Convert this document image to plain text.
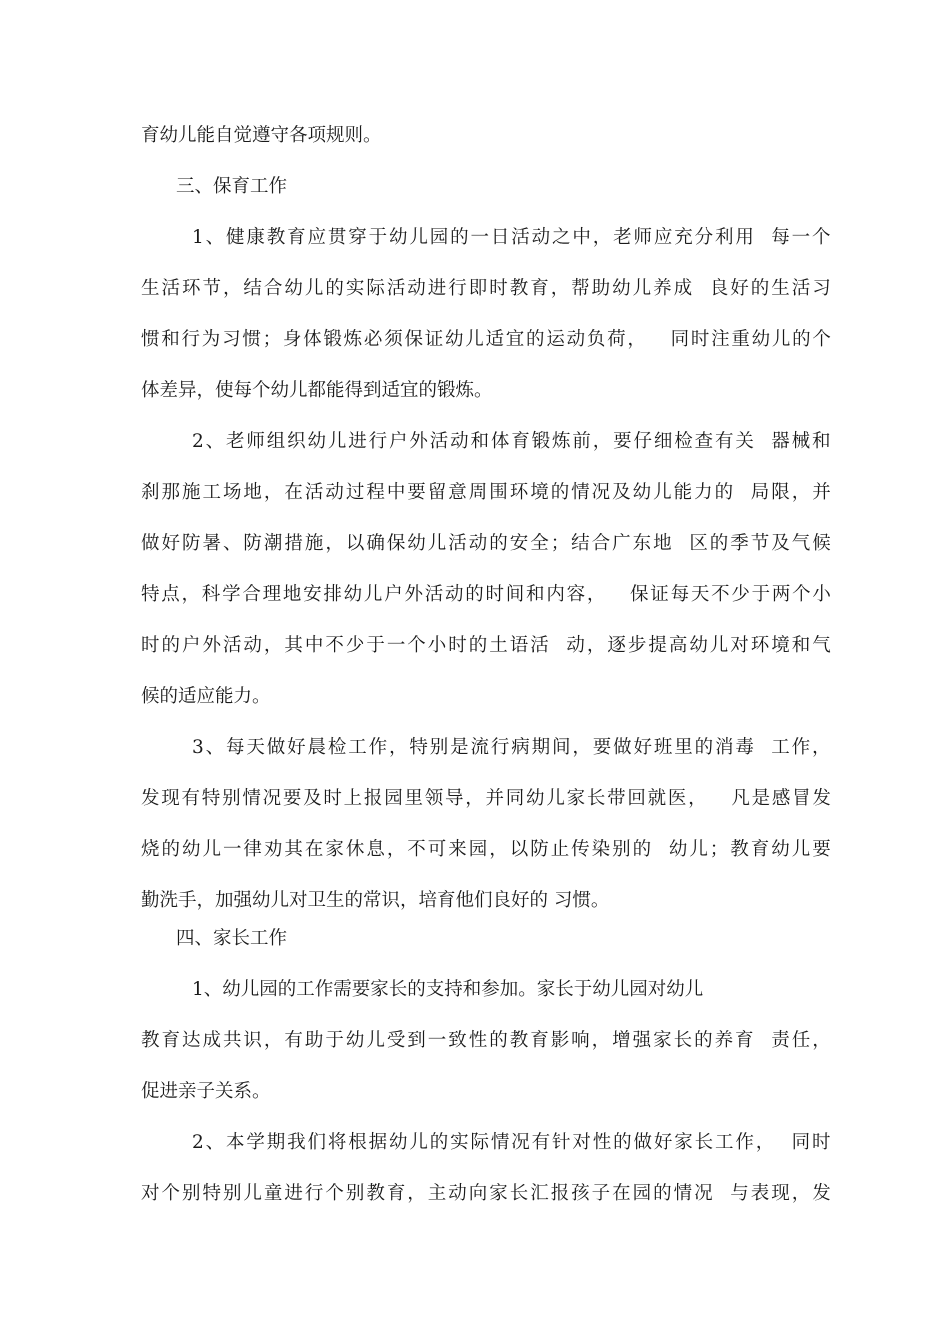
育幼儿能自觉遵守各项规则。
三、保育工作
1 、 健 康 教 育 应 贯 穿 于 幼 儿 园 的 一 日 活 动 之 中 ， 老 师 应 充 分 利 用

每 一 个
生 活 环 节 ， 结 合 幼 儿 的 实 际 活 动 进 行 即 时 教 育 ， 帮 助 幼 儿 养 成

良 好 的 生 活 习
惯 和 行 为 习 惯 ； 身 体 锻 炼 必 须 保 证 幼 儿 适 宜 的 运 动 负 荷 ，

同 时 注 重 幼 儿 的 个
体差异，使每个幼儿都能得到适宜的锻炼。
2 、 老 师 组 织 幼 儿 进 行 户 外 活 动 和 体 育 锻 炼 前 ， 要 仔 细 检 查 有 关

器 械 和
刹 那 施 工 场 地 ， 在 活 动 过 程 中 要 留 意 周 围 环 境 的 情 况 及 幼 儿 能 力 的

局 限 ， 并
做 好 防 暑 、 防 潮 措 施 ， 以 确 保 幼 儿 活 动 的 安 全 ； 结 合 广 东 地

区 的 季 节 及 气 候
特 点 ， 科 学 合 理 地 安 排 幼 儿 户 外 活 动 的 时 间 和 内 容 ，

保 证 每 天 不 少 于 两 个 小
时 的 户 外 活 动 ， 其 中 不 少 于 一 个 小 时 的 土 语 活

动 ， 逐 步 提 高 幼 儿 对 环 境 和 气
候的适应能力。
3 、 每 天 做 好 晨 检 工 作 ， 特 别 是 流 行 病 期 间 ， 要 做 好 班 里 的 消 毒

工 作 ，
发 现 有 特 别 情 况 要 及 时 上 报 园 里 领 导 ， 并 同 幼 儿 家 长 带 回 就 医 ，

凡 是 感 冒 发
烧 的 幼 儿 一 律 劝 其 在 家 休 息 ， 不 可 来 园 ， 以 防 止 传 染 别 的

幼 儿 ； 教 育 幼 儿 要
勤洗手，加强幼儿对卫生的常识，培育他们良好的 习惯。
四、家长工作
1、幼儿园的工作需要家长的支持和参加。家长于幼儿园对幼儿
教 育 达 成 共 识 ， 有 助 于 幼 儿 受 到 一 致 性 的 教 育 影 响 ， 增 强 家 长 的 养 育

责 任 ，
促进亲子关系。
2 、 本 学 期 我 们 将 根 据 幼 儿 的 实 际 情 况 有 针 对 性 的 做 好 家 长 工 作 ，

同 时
对 个 别 特 别 儿 童 进 行 个 别 教 育 ， 主 动 向 家 长 汇 报 孩 子 在 园 的 情 况

与 表 现 ， 发
